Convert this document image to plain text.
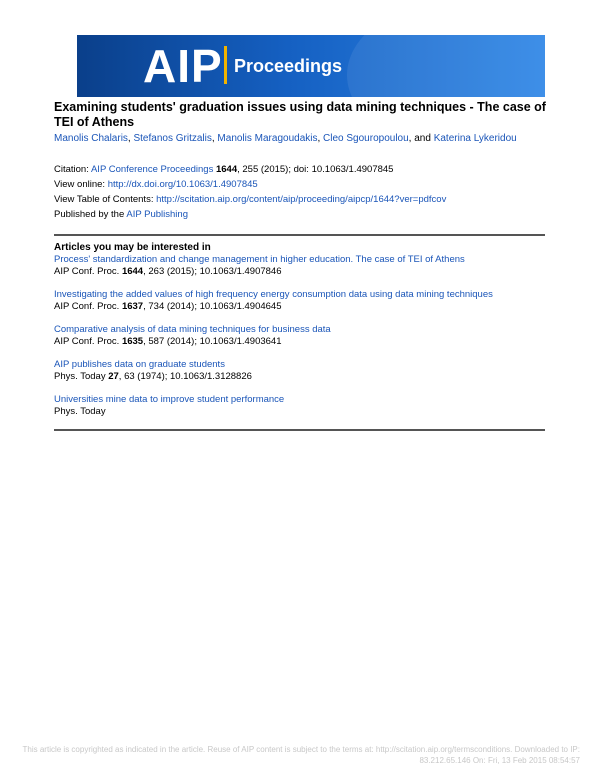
AIP Proceedings
Examining students' graduation issues using data mining techniques - The case of TEI of Athens
Manolis Chalaris, Stefanos Gritzalis, Manolis Maragoudakis, Cleo Sgouropoulou, and Katerina Lykeridou
Citation: AIP Conference Proceedings 1644, 255 (2015); doi: 10.1063/1.4907845
View online: http://dx.doi.org/10.1063/1.4907845
View Table of Contents: http://scitation.aip.org/content/aip/proceeding/aipcp/1644?ver=pdfcov
Published by the AIP Publishing
Articles you may be interested in
Process' standardization and change management in higher education. The case of TEI of Athens
AIP Conf. Proc. 1644, 263 (2015); 10.1063/1.4907846
Investigating the added values of high frequency energy consumption data using data mining techniques
AIP Conf. Proc. 1637, 734 (2014); 10.1063/1.4904645
Comparative analysis of data mining techniques for business data
AIP Conf. Proc. 1635, 587 (2014); 10.1063/1.4903641
AIP publishes data on graduate students
Phys. Today 27, 63 (1974); 10.1063/1.3128826
Universities mine data to improve student performance
Phys. Today
This article is copyrighted as indicated in the article. Reuse of AIP content is subject to the terms at: http://scitation.aip.org/termsconditions. Downloaded to IP:
83.212.65.146 On: Fri, 13 Feb 2015 08:54:57
